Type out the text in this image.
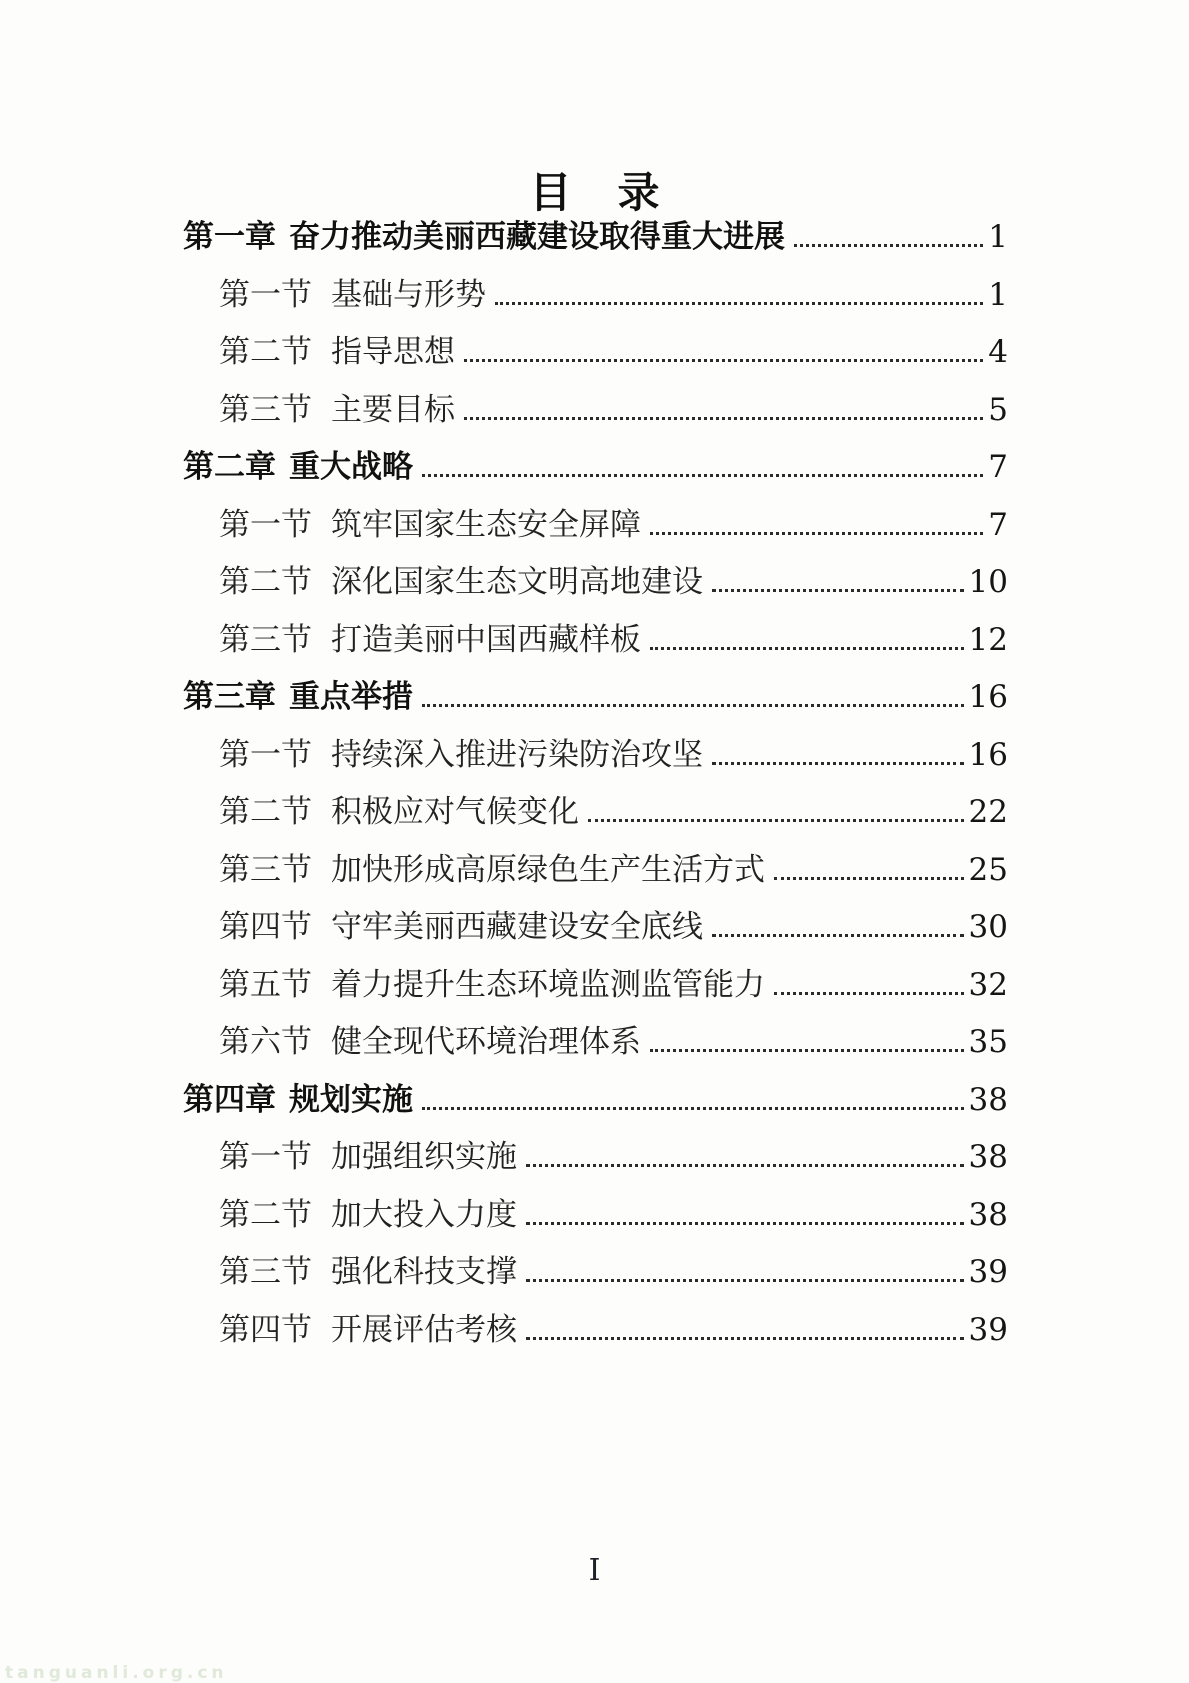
目　录
第一章 奋力推动美丽西藏建设取得重大进展	1
第一节 基础与形势	1
第二节 指导思想	4
第三节 主要目标	5
第二章 重大战略	7
第一节 筑牢国家生态安全屏障	7
第二节 深化国家生态文明高地建设	10
第三节 打造美丽中国西藏样板	12
第三章 重点举措	16
第一节 持续深入推进污染防治攻坚	16
第二节 积极应对气候变化	22
第三节 加快形成高原绿色生产生活方式	25
第四节 守牢美丽西藏建设安全底线	30
第五节 着力提升生态环境监测监管能力	32
第六节 健全现代环境治理体系	35
第四章 规划实施	38
第一节 加强组织实施	38
第二节 加大投入力度	38
第三节 强化科技支撑	39
第四节 开展评估考核	39
I
tanguanli.org.cn
